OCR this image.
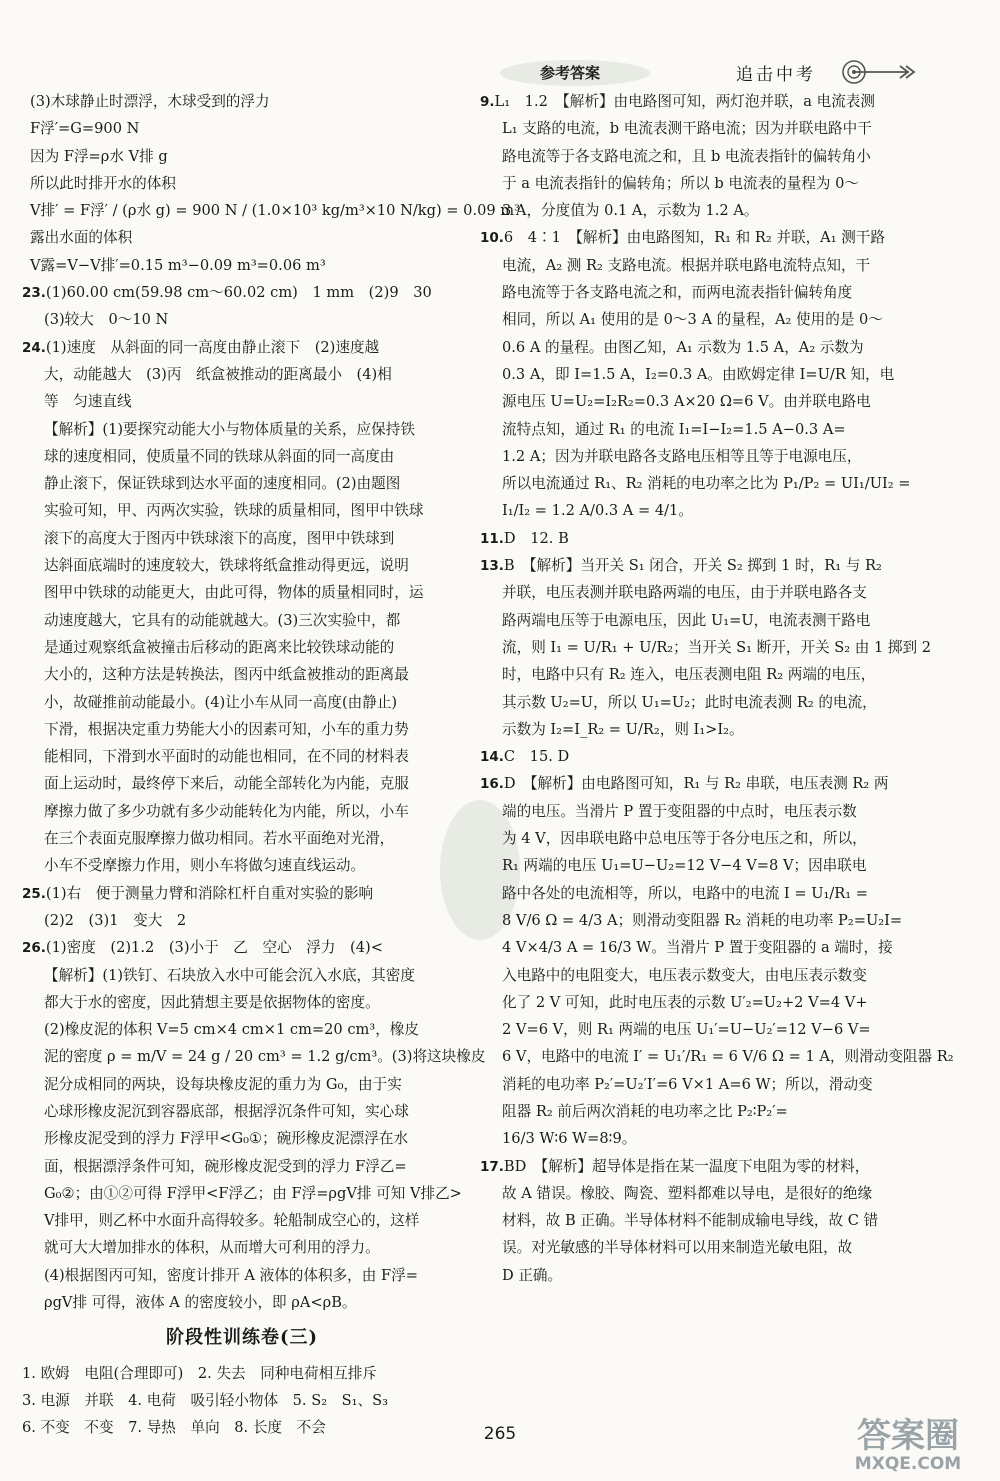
参考答案	追击中考
(3)木球静止时漂浮，木球受到的浮力
F浮′=G=900 N
因为 F浮=ρ水 V排 g
所以此时排开水的体积
V排′ = F浮′ / (ρ水 g) = 900 N / (1.0×10³ kg/m³×10 N/kg) = 0.09 m³
露出水面的体积
V露=V−V排′=0.15 m³−0.09 m³=0.06 m³
23.(1)60.00 cm(59.98 cm～60.02 cm)　1 mm　(2)9　30
(3)较大　0～10 N
24.(1)速度　从斜面的同一高度由静止滚下　(2)速度越
大，动能越大　(3)丙　纸盒被推动的距离最小　(4)相
等　匀速直线
【解析】(1)要探究动能大小与物体质量的关系，应保持铁
球的速度相同，使质量不同的铁球从斜面的同一高度由
静止滚下，保证铁球到达水平面的速度相同。(2)由题图
实验可知，甲、丙两次实验，铁球的质量相同，图甲中铁球
滚下的高度大于图丙中铁球滚下的高度，图甲中铁球到
达斜面底端时的速度较大，铁球将纸盒推动得更远，说明
图甲中铁球的动能更大，由此可得，物体的质量相同时，运
动速度越大，它具有的动能就越大。(3)三次实验中，都
是通过观察纸盒被撞击后移动的距离来比较铁球动能的
大小的，这种方法是转换法，图丙中纸盒被推动的距离最
小，故碰推前动能最小。(4)让小车从同一高度(由静止)
下滑，根据决定重力势能大小的因素可知，小车的重力势
能相同，下滑到水平面时的动能也相同，在不同的材料表
面上运动时，最终停下来后，动能全部转化为内能，克服
摩擦力做了多少功就有多少动能转化为内能，所以，小车
在三个表面克服摩擦力做功相同。若水平面绝对光滑，
小车不受摩擦力作用，则小车将做匀速直线运动。
25.(1)右　便于测量力臂和消除杠杆自重对实验的影响
(2)2　(3)1　变大　2
26.(1)密度　(2)1.2　(3)小于　乙　空心　浮力　(4)<
【解析】(1)铁钉、石块放入水中可能会沉入水底，其密度
都大于水的密度，因此猜想主要是依据物体的密度。
(2)橡皮泥的体积 V=5 cm×4 cm×1 cm=20 cm³，橡皮
泥的密度 ρ = m/V = 24 g / 20 cm³ = 1.2 g/cm³。(3)将这块橡皮
泥分成相同的两块，设每块橡皮泥的重力为 G₀，由于实
心球形橡皮泥沉到容器底部，根据浮沉条件可知，实心球
形橡皮泥受到的浮力 F浮甲<G₀①；碗形橡皮泥漂浮在水
面，根据漂浮条件可知，碗形橡皮泥受到的浮力 F浮乙=
G₀②；由①②可得 F浮甲<F浮乙；由 F浮=ρgV排 可知 V排乙>
V排甲，则乙杯中水面升高得较多。轮船制成空心的，这样
就可大大增加排水的体积，从而增大可利用的浮力。
(4)根据图丙可知，密度计排开 A 液体的体积多，由 F浮=
ρgV排 可得，液体 A 的密度较小，即 ρA<ρB。
阶段性训练卷(三)
1. 欧姆　电阻(合理即可)　2. 失去　同种电荷相互排斥
3. 电源　并联　4. 电荷　吸引轻小物体　5. S₂　S₁、S₃
6. 不变　不变　7. 导热　单向　8. 长度　不会
9.L₁　1.2　【解析】由电路图可知，两灯泡并联，a 电流表测
L₁ 支路的电流，b 电流表测干路电流；因为并联电路中干
路电流等于各支路电流之和，且 b 电流表指针的偏转角小
于 a 电流表指针的偏转角；所以 b 电流表的量程为 0～
3 A，分度值为 0.1 A，示数为 1.2 A。
10.6　4∶1　【解析】由电路图知，R₁ 和 R₂ 并联，A₁ 测干路
电流，A₂ 测 R₂ 支路电流。根据并联电路电流特点知，干
路电流等于各支路电流之和，而两电流表指针偏转角度
相同，所以 A₁ 使用的是 0～3 A 的量程，A₂ 使用的是 0～
0.6 A 的量程。由图乙知，A₁ 示数为 1.5 A，A₂ 示数为
0.3 A，即 I=1.5 A，I₂=0.3 A。由欧姆定律 I=U/R 知，电
源电压 U=U₂=I₂R₂=0.3 A×20 Ω=6 V。由并联电路电
流特点知，通过 R₁ 的电流 I₁=I−I₂=1.5 A−0.3 A=
1.2 A；因为并联电路各支路电压相等且等于电源电压，
所以电流通过 R₁、R₂ 消耗的电功率之比为 P₁/P₂ = UI₁/UI₂ =
I₁/I₂ = 1.2 A/0.3 A = 4/1。
11.D　12. B
13.B　【解析】当开关 S₁ 闭合，开关 S₂ 掷到 1 时，R₁ 与 R₂
并联，电压表测并联电路两端的电压，由于并联电路各支
路两端电压等于电源电压，因此 U₁=U，电流表测干路电
流，则 I₁ = U/R₁ + U/R₂；当开关 S₁ 断开，开关 S₂ 由 1 掷到 2
时，电路中只有 R₂ 连入，电压表测电阻 R₂ 两端的电压，
其示数 U₂=U，所以 U₁=U₂；此时电流表测 R₂ 的电流，
示数为 I₂=I_R₂ = U/R₂，则 I₁>I₂。
14.C　15. D
16.D　【解析】由电路图可知，R₁ 与 R₂ 串联，电压表测 R₂ 两
端的电压。当滑片 P 置于变阻器的中点时，电压表示数
为 4 V，因串联电路中总电压等于各分电压之和，所以，
R₁ 两端的电压 U₁=U−U₂=12 V−4 V=8 V；因串联电
路中各处的电流相等，所以，电路中的电流 I = U₁/R₁ =
8 V/6 Ω = 4/3 A；则滑动变阻器 R₂ 消耗的电功率 P₂=U₂I=
4 V×4/3 A = 16/3 W。当滑片 P 置于变阻器的 a 端时，接
入电路中的电阻变大，电压表示数变大，由电压表示数变
化了 2 V 可知，此时电压表的示数 U′₂=U₂+2 V=4 V+
2 V=6 V，则 R₁ 两端的电压 U₁′=U−U₂′=12 V−6 V=
6 V，电路中的电流 I′ = U₁′/R₁ = 6 V/6 Ω = 1 A，则滑动变阻器 R₂
消耗的电功率 P₂′=U₂′I′=6 V×1 A=6 W；所以，滑动变
阻器 R₂ 前后两次消耗的电功率之比 P₂∶P₂′=
16/3 W∶6 W=8∶9。
17.BD　【解析】超导体是指在某一温度下电阻为零的材料，
故 A 错误。橡胶、陶瓷、塑料都难以导电，是很好的绝缘
材料，故 B 正确。半导体材料不能制成输电导线，故 C 错
误。对光敏感的半导体材料可以用来制造光敏电阻，故
D 正确。
265	答案圈
MXQE.COM
